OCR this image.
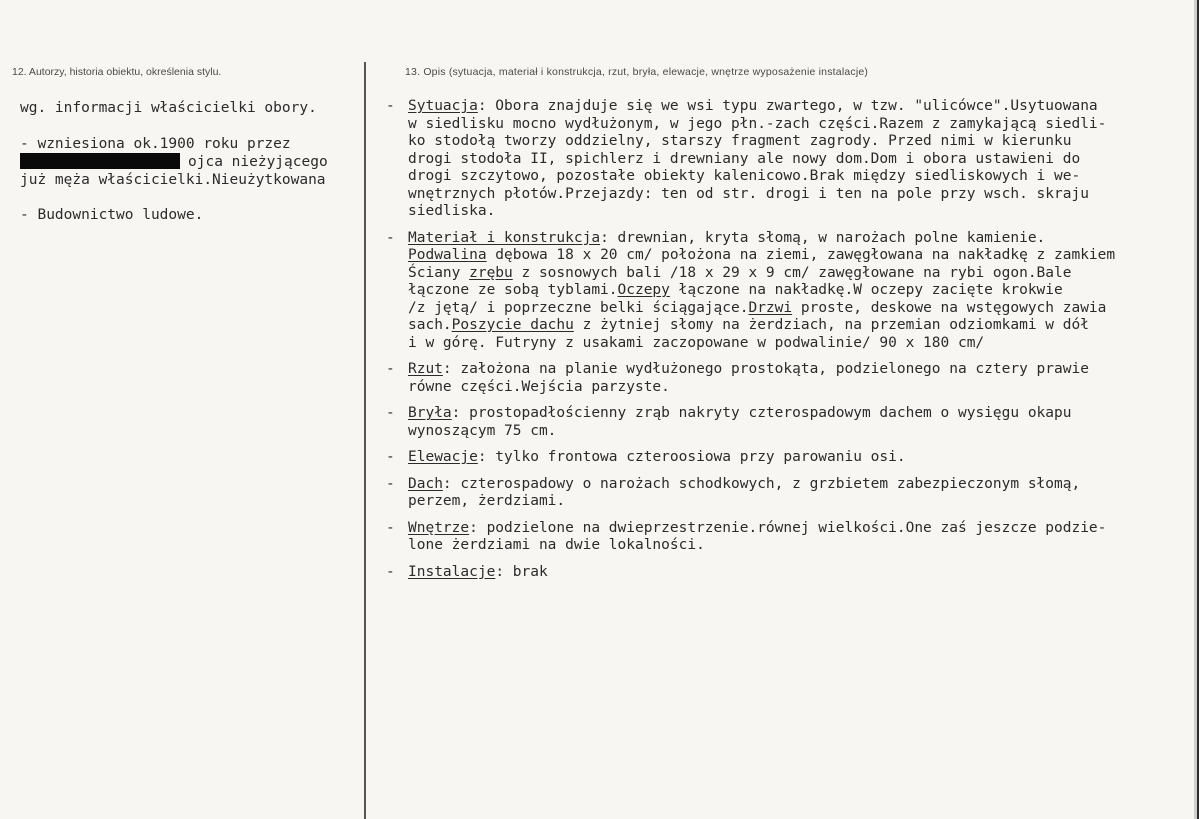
12. Autorzy, historia obiektu, określenia stylu.	13. Opis (sytuacja, materiał i konstrukcja, rzut, bryła, elewacje, wnętrze wyposażenie instalacje)
wg. informacji właścicielki obory.
- wzniesiona ok.1900 roku przez
ojca nieżyjącego
już męża właścicielki.Nieużytkowana
- Budownictwo ludowe.
- Sytuacja: Obora znajduje się we wsi typu zwartego, w tzw. "ulicówce".Usytuowana
w siedlisku mocno wydłużonym, w jego płn.-zach części.Razem z zamykającą siedli-
ko stodołą tworzy oddzielny, starszy fragment zagrody. Przed nimi w kierunku
drogi stodoła II, spichlerz i drewniany ale nowy dom.Dom i obora ustawieni do
drogi szczytowo, pozostałe obiekty kalenicowo.Brak między siedliskowych i we-
wnętrznych płotów.Przejazdy: ten od str. drogi i ten na pole przy wsch. skraju
siedliska.
- Materiał i konstrukcja: drewnian, kryta słomą, w narożach polne kamienie.
Podwalina dębowa 18 x 20 cm/ położona na ziemi, zawęgłowana na nakładkę z zamkiem
Ściany zrębu z sosnowych bali /18 x 29 x 9 cm/ zawęgłowane na rybi ogon.Bale
łączone ze sobą tyblami.Oczepy łączone na nakładkę.W oczepy zacięte krokwie
/z jętą/ i poprzeczne belki ściągające.Drzwi proste, deskowe na wstęgowych zawia
sach.Poszycie dachu z żytniej słomy na żerdziach, na przemian odziomkami w dół
i w górę. Futryny z usakami zaczopowane w podwalinie/ 90 x 180 cm/
- Rzut: założona na planie wydłużonego prostokąta, podzielonego na cztery prawie
równe części.Wejścia parzyste.
- Bryła: prostopadłościenny zrąb nakryty czterospadowym dachem o wysięgu okapu
wynoszącym 75 cm.
- Elewacje: tylko frontowa czteroosiowa przy parowaniu osi.
- Dach: czterospadowy o narożach schodkowych, z grzbietem zabezpieczonym słomą,
perzem, żerdziami.
- Wnętrze: podzielone na dwieprzestrzenie.równej wielkości.One zaś jeszcze podzie-
lone żerdziami na dwie lokalności.
- Instalacje: brak
